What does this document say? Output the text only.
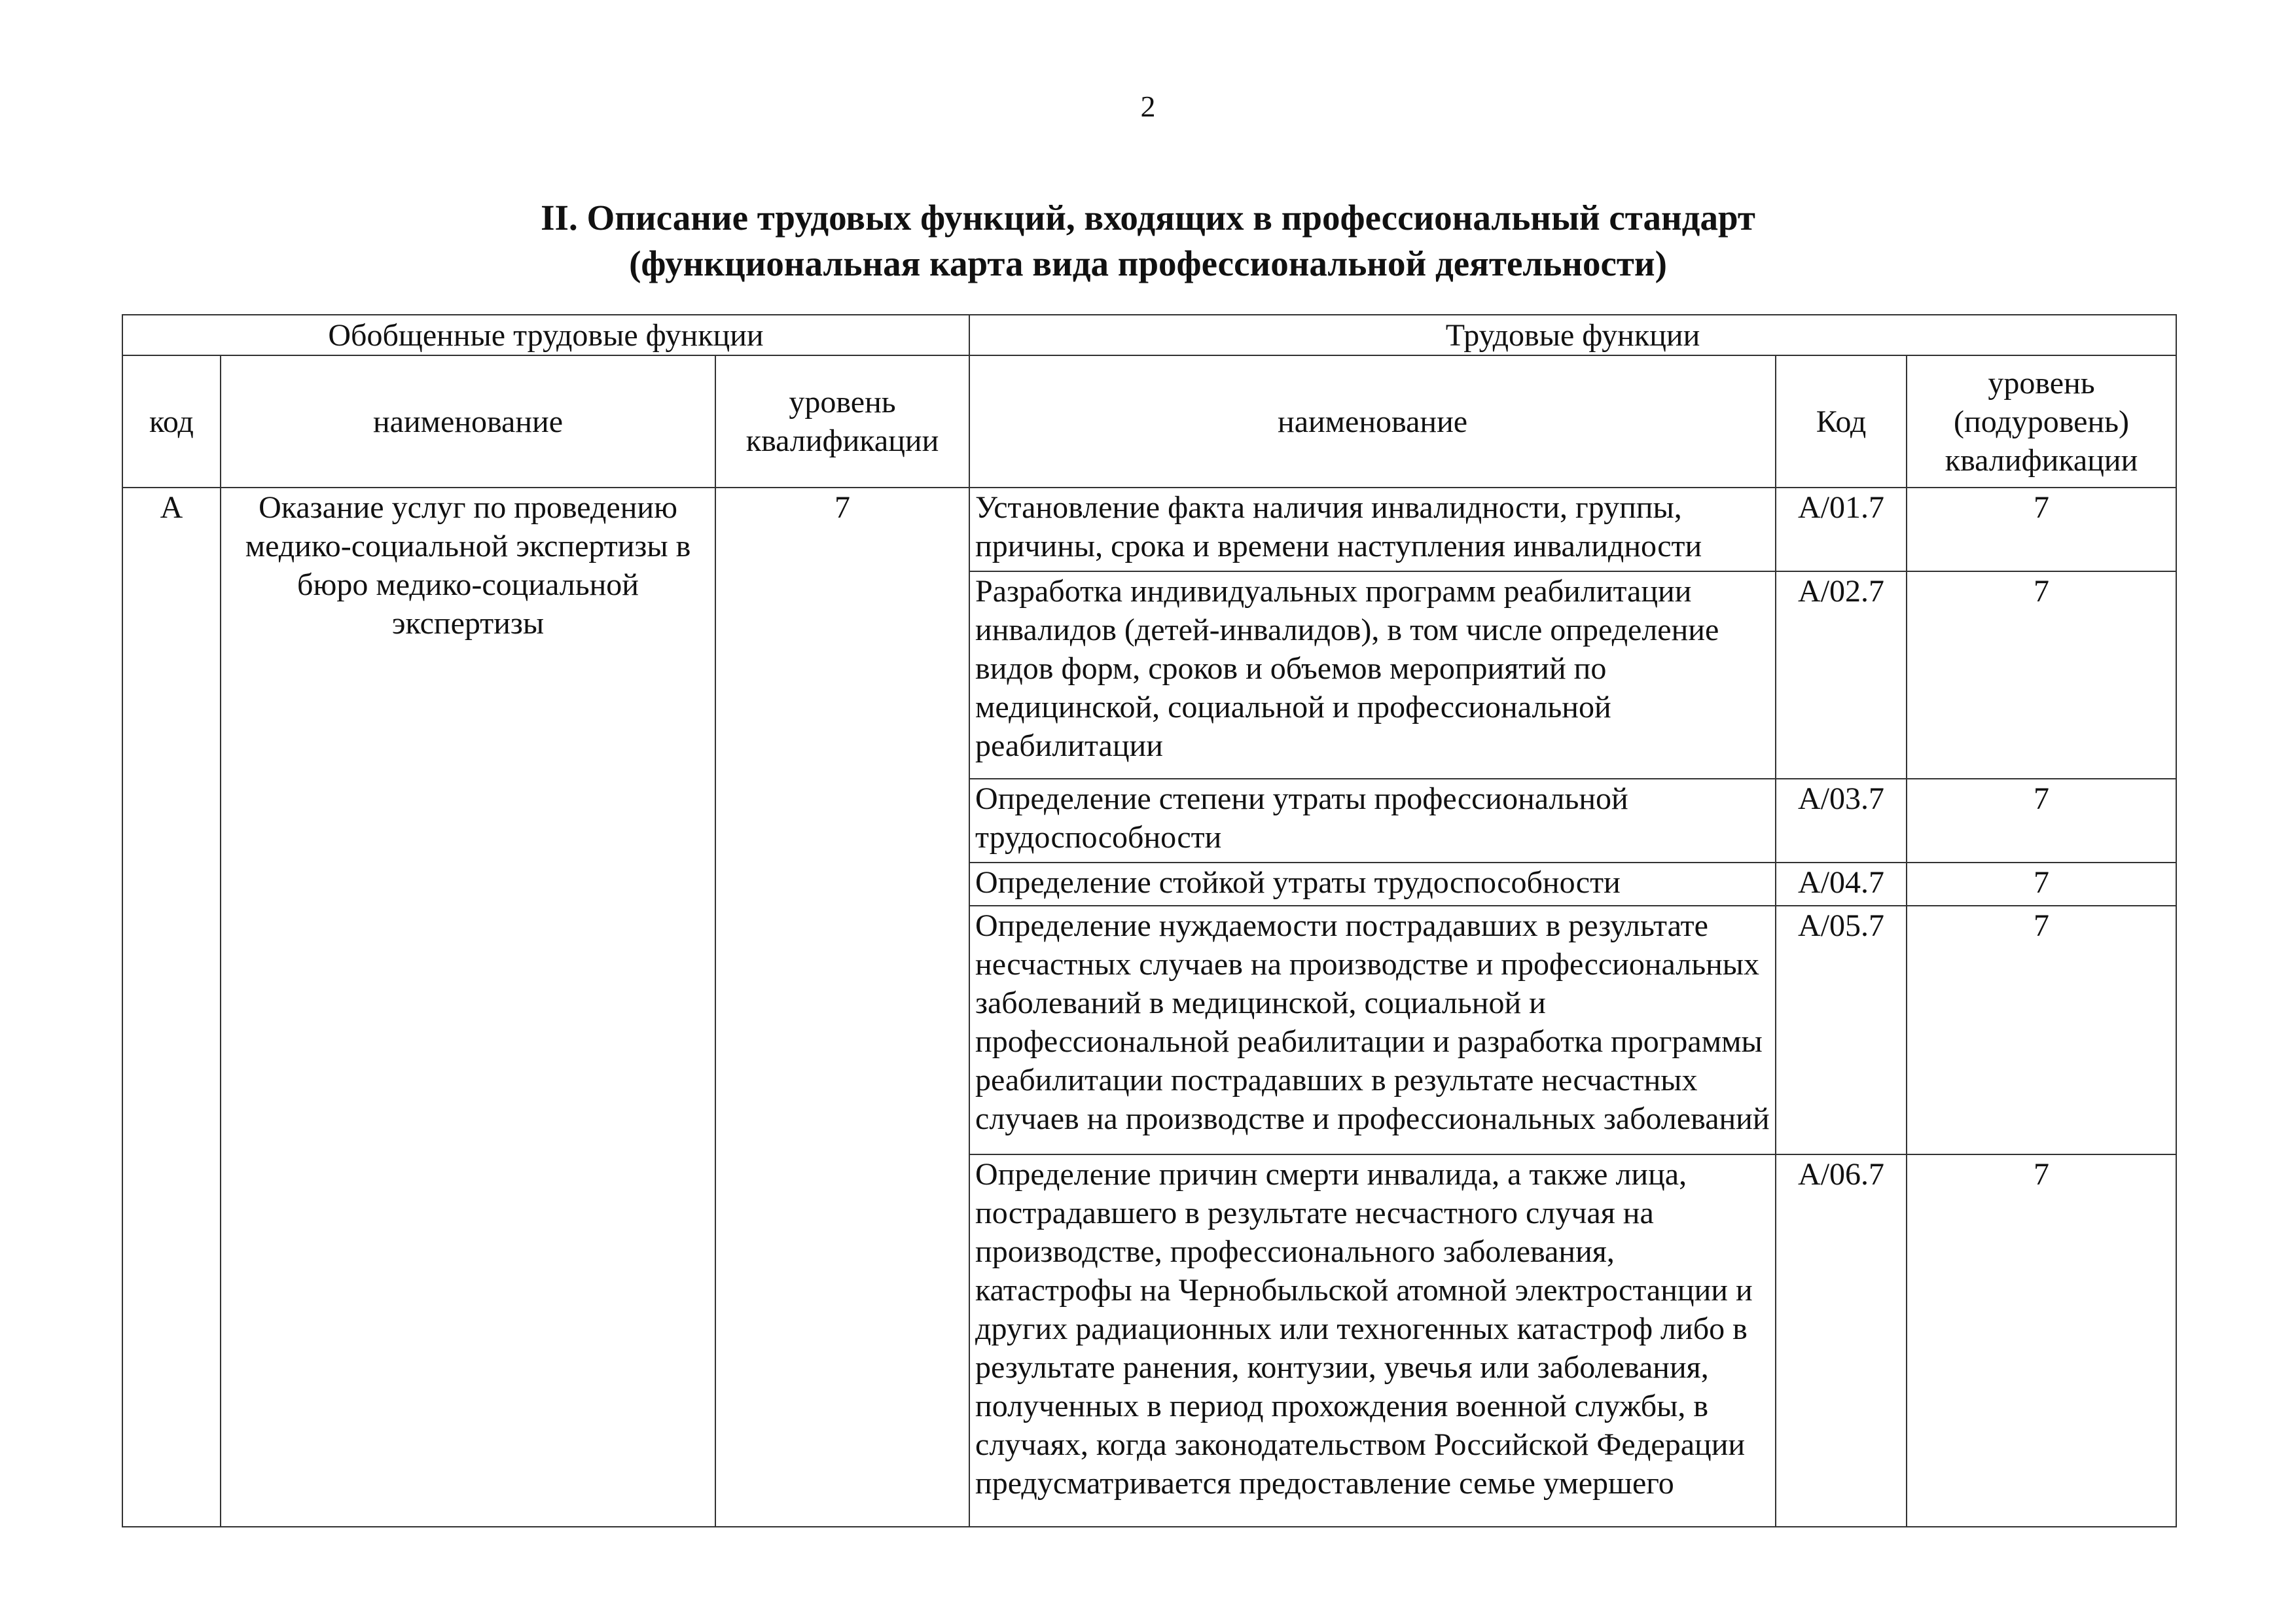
2
II. Описание трудовых функций, входящих в профессиональный стандарт
(функциональная карта вида профессиональной деятельности)
Обобщенные трудовые функции			Трудовые функции		
код	наименование	уровень квалификации	наименование	Код	уровень (подуровень) квалификации
А	Оказание услуг по проведению медико-социальной экспертизы в бюро медико-социальной экспертизы	7	Установление факта наличия инвалидности, группы, причины, срока и времени наступления инвалидности	А/01.7	7
			Разработка индивидуальных программ реабилитации инвалидов (детей-инвалидов), в том числе определение видов форм, сроков и объемов мероприятий по медицинской, социальной и профессиональной реабилитации	А/02.7	7
			Определение степени утраты профессиональной трудоспособности	А/03.7	7
			Определение стойкой утраты трудоспособности	А/04.7	7
			Определение нуждаемости пострадавших в результате несчастных случаев на производстве и профессиональных заболеваний в медицинской, социальной и профессиональной реабилитации и разработка программы реабилитации пострадавших в результате несчастных случаев на производстве и профессиональных заболеваний	А/05.7	7
			Определение причин смерти инвалида, а также лица, пострадавшего в результате несчастного случая на производстве, профессионального заболевания, катастрофы на Чернобыльской атомной электростанции и других радиационных или техногенных катастроф либо в результате ранения, контузии, увечья или заболевания, полученных в период прохождения военной службы, в случаях, когда законодательством Российской Федерации предусматривается предоставление семье умершего	А/06.7	7
